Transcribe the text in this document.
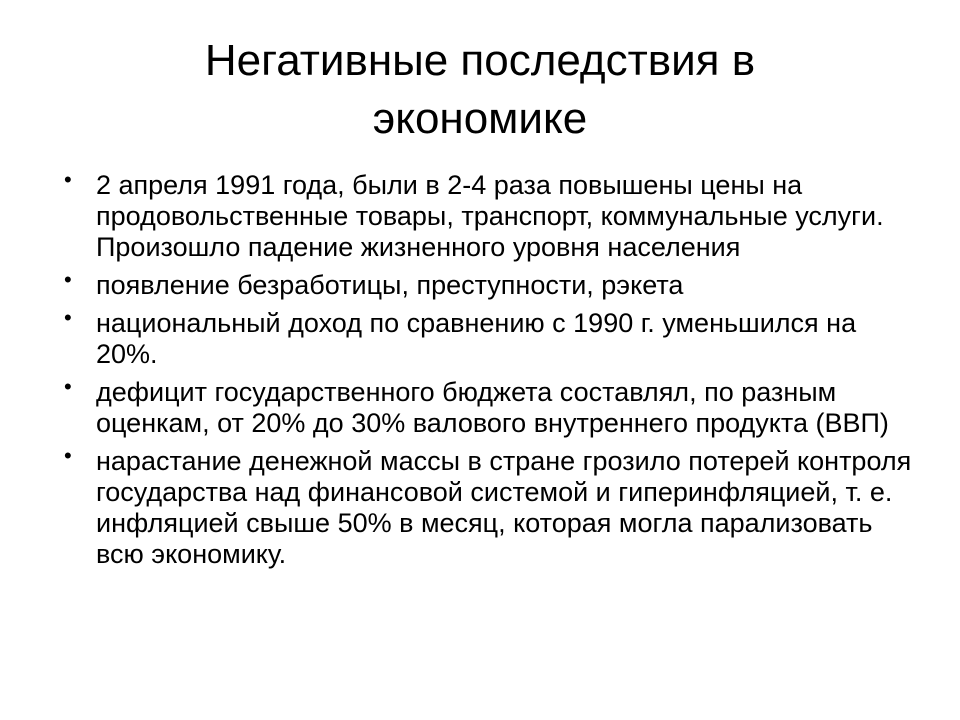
Негативные последствия в
экономике
• 2 апреля 1991 года, были в 2-4 раза повышены цены на продовольственные товары, транспорт, коммунальные услуги. Произошло падение жизненного уровня населения
• появление безработицы, преступности, рэкета
• национальный доход по сравнению с 1990 г. уменьшился на 20%.
• дефицит государственного бюджета составлял, по разным оценкам, от 20% до 30% валового внутреннего продукта (ВВП)
• нарастание денежной массы в стране грозило потерей контроля государства над финансовой системой и гиперинфляцией, т. е. инфляцией свыше 50% в месяц, которая могла парализовать всю экономику.
